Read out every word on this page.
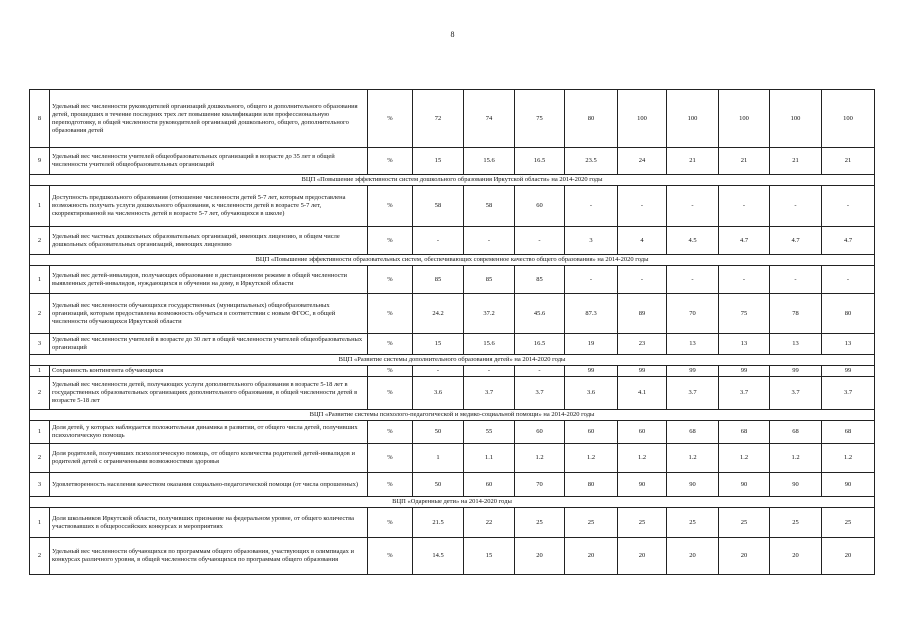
8
8	Удельный вес численности руководителей организаций дошкольного, общего и дополнительного образования детей, прошедших в течение последних трех лет повышение квалификации или профессиональную переподготовку, в общей численности руководителей организаций дошкольного, общего, дополнительного образования детей	%	72	74	75	80	100	100	100	100	100
9	Удельный вес численности учителей общеобразовательных организаций в возрасте до 35 лет в общей численности учителей общеобразовательных организаций	%	15	15.6	16.5	23.5	24	21	21	21	21
ВЦП «Повышение эффективности систем дошкольного образования Иркутской области» на 2014-2020 годы											
1	Доступность предшкольного образования (отношение численности детей 5-7 лет, которым предоставлена возможность получать услуги дошкольного образования, к численности детей в возрасте 5-7 лет, скорректированной на численность детей в возрасте 5-7 лет, обучающихся в школе)	%	58	58	60	-	-	-	-	-	-
2	Удельный вес частных дошкольных образовательных организаций, имеющих лицензию, в общем числе дошкольных образовательных организаций, имеющих лицензию	%	-	-	-	3	4	4.5	4.7	4.7	4.7
ВЦП «Повышение эффективности образовательных систем, обеспечивающих современное качество общего образования» на 2014-2020 годы											
1	Удельный вес детей-инвалидов, получающих образование в дистанционном режиме в общей численности выявленных детей-инвалидов, нуждающихся в обучении на дому, в Иркутской области	%	85	85	85	-	-	-	-	-	-
2	Удельный вес численности обучающихся государственных (муниципальных) общеобразовательных организаций, которым предоставлена возможность обучаться в соответствии с новым ФГОС, в общей численности обучающихся Иркутской области	%	24.2	37.2	45.6	87.3	89	70	75	78	80
3	Удельный вес численности учителей в возрасте до 30 лет в общей численности учителей общеобразовательных организаций	%	15	15.6	16.5	19	23	13	13	13	13
ВЦП «Развитие системы дополнительного образования детей» на 2014-2020 годы											
1	Сохранность контингента обучающихся	%	-	-	-	99	99	99	99	99	99
2	Удельный вес численности детей, получающих услуги дополнительного образования в возрасте 5-18 лет в государственных образовательных организациях дополнительного образования, в общей численности детей в возрасте 5-18 лет	%	3.6	3.7	3.7	3.6	4.1	3.7	3.7	3.7	3.7
ВЦП «Развитие системы психолого-педагогической и медико-социальной помощи» на 2014-2020 годы											
1	Доля детей, у которых наблюдается положительная динамика в развитии, от общего числа детей, получивших психологическую помощь	%	50	55	60	60	60	68	68	68	68
2	Доля родителей, получивших психологическую помощь, от общего количества родителей детей-инвалидов и родителей детей с ограниченными возможностями здоровья	%	1	1.1	1.2	1.2	1.2	1.2	1.2	1.2	1.2
3	Удовлетворенность населения качеством оказания социально-педагогической помощи (от числа опрошенных)	%	50	60	70	80	90	90	90	90	90
ВЦП «Одаренные дети» на 2014-2020 годы											
1	Доля школьников Иркутской области, получивших признание на федеральном уровне, от общего количества участвовавших в общероссийских конкурсах и мероприятиях	%	21.5	22	25	25	25	25	25	25	25
2	Удельный вес численности обучающихся по программам общего образования, участвующих в олимпиадах и конкурсах различного уровня, в общей численности обучающихся по программам общего образования	%	14.5	15	20	20	20	20	20	20	20
